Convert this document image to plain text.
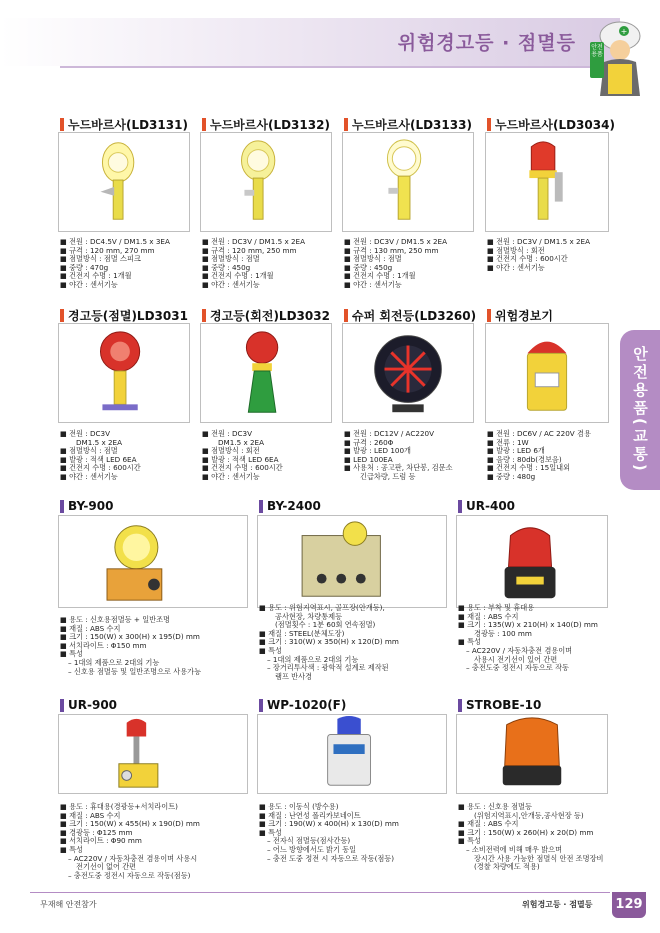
위험경고등 · 점멸등
+
안전용품
안전용품(교통)
누드바르사(LD3131)
■ 전원 : DC4.5V / DM1.5 x 3EA
■ 규격 : 120 mm, 270 mm
■ 점멸방식 : 점멸 스피크
■ 중량 : 470g
■ 건전지 수명 : 1개월
■ 야간 : 센서기능
누드바르사(LD3132)
■ 전원 : DC3V / DM1.5 x 2EA
■ 규격 : 120 mm, 250 mm
■ 점멸방식 : 점멸
■ 중량 : 450g
■ 건전지 수명 : 1개월
■ 야간 : 센서기능
누드바르사(LD3133)
■ 전원 : DC3V / DM1.5 x 2EA
■ 규격 : 130 mm, 250 mm
■ 점멸방식 : 점멸
■ 중량 : 450g
■ 건전지 수명 : 1개월
■ 야간 : 센서기능
누드바르사(LD3034)
■ 전원 : DC3V / DM1.5 x 2EA
■ 점멸방식 : 회전
■ 건전지 수명 : 600시간
■ 야간 : 센서기능
경고등(점멸)LD3031
■ 전원 : DC3V
DM1.5 x 2EA
■ 점멸방식 : 점멸
■ 발광 : 적색 LED 6EA
■ 건전지 수명 : 600시간
■ 야간 : 센서기능
경고등(회전)LD3032
■ 전원 : DC3V
DM1.5 x 2EA
■ 점멸방식 : 회전
■ 발광 : 적색 LED 6EA
■ 건전지 수명 : 600시간
■ 야간 : 센서기능
슈퍼 회전등(LD3260)
■ 전원 : DC12V / AC220V
■ 규격 : 260Φ
■ 발광 : LED 100개
■ LED 100EA
■ 사용처 : 공고판, 차단봉, 검문소
긴급차량, 드럼 등
위험경보기
■ 전원 : DC6V / AC 220V 겸용
■ 전류 : 1W
■ 발광 : LED 6개
■ 음량 : 80db(경보음)
■ 건전지 수명 : 15일내외
■ 중량 : 480g
BY-900
■ 용도 : 신호용점멸등 + 일반조명
■ 재질 : ABS 수지
■ 크기 : 150(W) x 300(H) x 195(D) mm
■ 서치라이트 : Φ150 mm
■ 특성
– 1대의 제품으로 2대의 기능
– 신호용 점멸등 및 일반조명으로 사용가능
BY-2400
■ 용도 : 위험지역표시, 골프장(안개등),
공사현장, 차량통제등
(점멸횟수 : 1분 60회 연속점멸)
■ 재질 : STEEL(분체도장)
■ 크기 : 310(W) x 350(H) x 120(D) mm
■ 특성
– 1대의 제품으로 2대의 기능
– 장거리투사색 : 광학적 설계로 제작된
램프 반사경
UR-400
■ 용도 : 부착 및 휴대용
■ 재질 : ABS 수지
■ 크기 : 135(W) x 210(H) x 140(D) mm
경광등 : 100 mm
■ 특성
– AC220V / 자동차충전 겸용이며
사용시 전기선이 있어 간편
– 충전도중 정전시 자동으로 작동
UR-900
■ 용도 : 휴대용(경광등+서치라이트)
■ 재질 : ABS 수지
■ 크기 : 150(W) x 455(H) x 190(D) mm
■ 경광등 : Φ125 mm
■ 서치라이트 : Φ90 mm
■ 특성
– AC220V / 자동차충전 겸용이며 사용시
전기선이 없어 간편
– 충전도중 정전시 자동으로 작동(점등)
WP-1020(F)
■ 용도 : 이동식 (방수용)
■ 재질 : 난연성 폴리카보네이트
■ 크기 : 190(W) x 400(H) x 130(D) mm
■ 특성
– 전자식 점멸등(점사간등)
– 어느 방향에서도 밝기 동일
– 충전 도중 정전 시 자동으로 작동(점등)
STROBE-10
■ 용도 : 신호용 점멸등
(위험지역표시,안개등,공사현장 등)
■ 재질 : ABS 수지
■ 크기 : 150(W) x 260(H) x 20(D) mm
■ 특성
– 소비전력에 비해 매우 밝으며
장시간 사용 가능한 점멸식 안전 조명장비
(경찰 차량에도 적용)
무재해 안전참가	위험경고등 · 점멸등 129
